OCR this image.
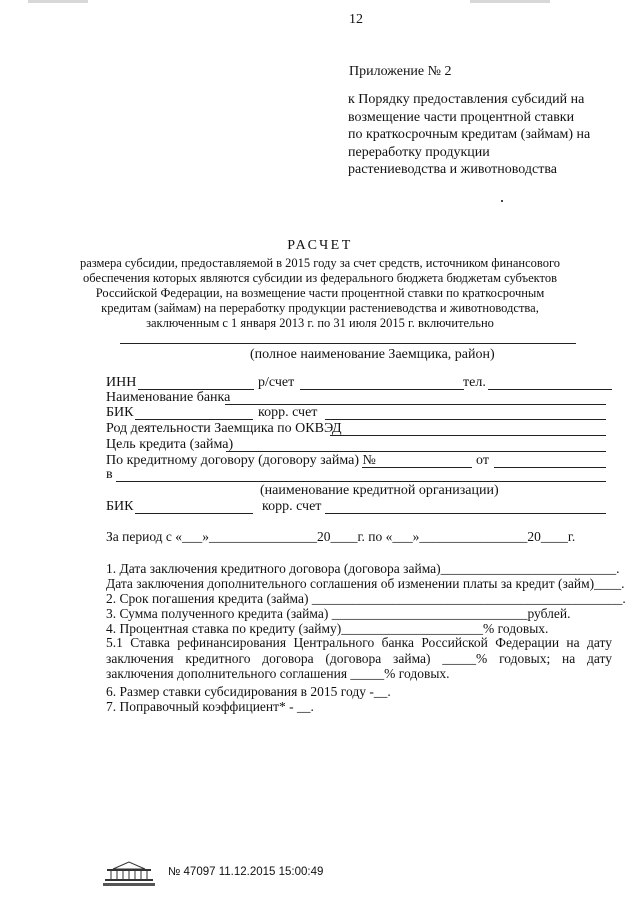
12
Приложение № 2
к Порядку предоставления субсидий на
возмещение части процентной ставки
по краткосрочным кредитам (займам) на
переработку продукции
растениеводства и животноводства
РАСЧЕТ
размера субсидии, предоставляемой в 2015 году за счет средств, источником финансового
обеспечения которых являются субсидии из федерального бюджета бюджетам субъектов
Российской Федерации, на возмещение части процентной ставки по краткосрочным
кредитам (займам) на переработку продукции растениеводства и животноводства,
заключенным с 1 января 2013 г. по 31 июля 2015 г. включительно
(полное наименование Заемщика, район)
ИНН	р/счет	тел.
Наименование банка
БИК	корр. счет
Род деятельности Заемщика по ОКВЭД
Цель кредита (займа)
По кредитному договору (договору займа) №	от
в
(наименование кредитной организации)
БИК	корр. счет
За период с «___»________________20____г. по «___»________________20____г.
1. Дата заключения кредитного договора (договора займа)__________________________.
Дата заключения дополнительного соглашения об изменении платы за кредит (займ)____.
2. Срок погашения кредита (займа) ______________________________________________.
3. Сумма полученного кредита (займа) _____________________________рублей.
4. Процентная ставка по кредиту (займу)_____________________% годовых.
5.1 Ставка рефинансирования Центрального банка Российской Федерации на дату заключения кредитного договора (договора займа) _____% годовых; на дату заключения дополнительного соглашения _____% годовых.
6. Размер ставки субсидирования в 2015 году -__.
7. Поправочный коэффициент* - __.
№ 47097 11.12.2015 15:00:49
